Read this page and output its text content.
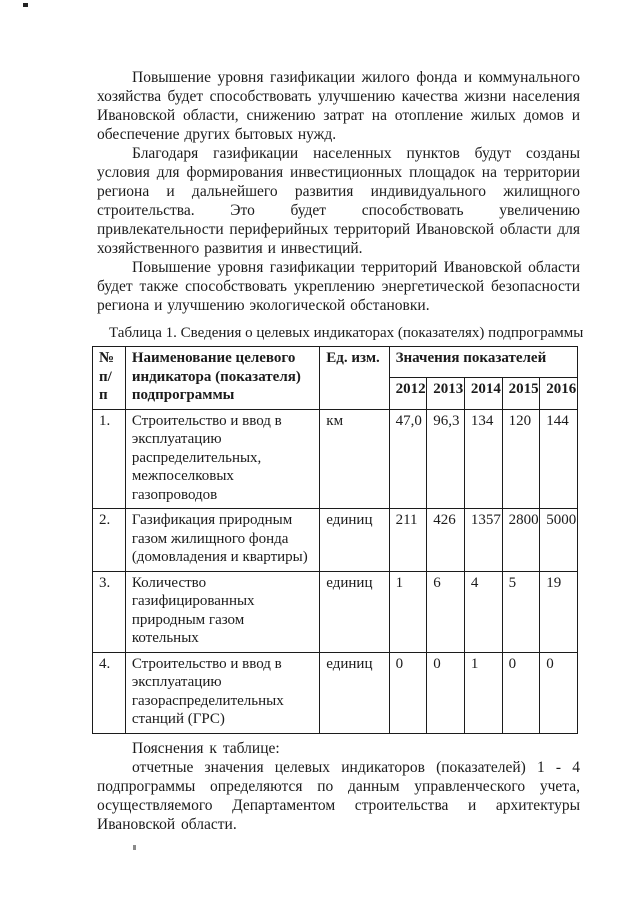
Повышение уровня газификации жилого фонда и коммунального хозяйства будет способствовать улучшению качества жизни населения Ивановской области, снижению затрат на отопление жилых домов и обеспечение других бытовых нужд.

Благодаря газификации населенных пунктов будут созданы условия для формирования инвестиционных площадок на территории региона и дальнейшего развития индивидуального жилищного строительства. Это будет способствовать увеличению привлекательности периферийных территорий Ивановской области для хозяйственного развития и инвестиций.

Повышение уровня газификации территорий Ивановской области будет также способствовать укреплению энергетической безопасности региона и улучшению экологической обстановки.

Таблица 1. Сведения о целевых индикаторах (показателях) подпрограммы
№ п/п	Наименование целевого индикатора (показателя) подпрограммы	Ед. изм.	Значения показателей				
			2012	2013	2014	2015	2016
1.	Строительство и ввод в эксплуатацию распределительных, межпоселковых газопроводов	км	47,0	96,3	134	120	144
2.	Газификация природным газом жилищного фонда (домовладения и квартиры)	единиц	211	426	1357	2800	5000
3.	Количество газифицированных природным газом котельных	единиц	1	6	4	5	19
4.	Строительство и ввод в эксплуатацию газораспределительных станций (ГРС)	единиц	0	0	1	0	0

Пояснения к таблице:

отчетные значения целевых индикаторов (показателей) 1 - 4 подпрограммы определяются по данным управленческого учета, осуществляемого Департаментом строительства и архитектуры Ивановской области.
